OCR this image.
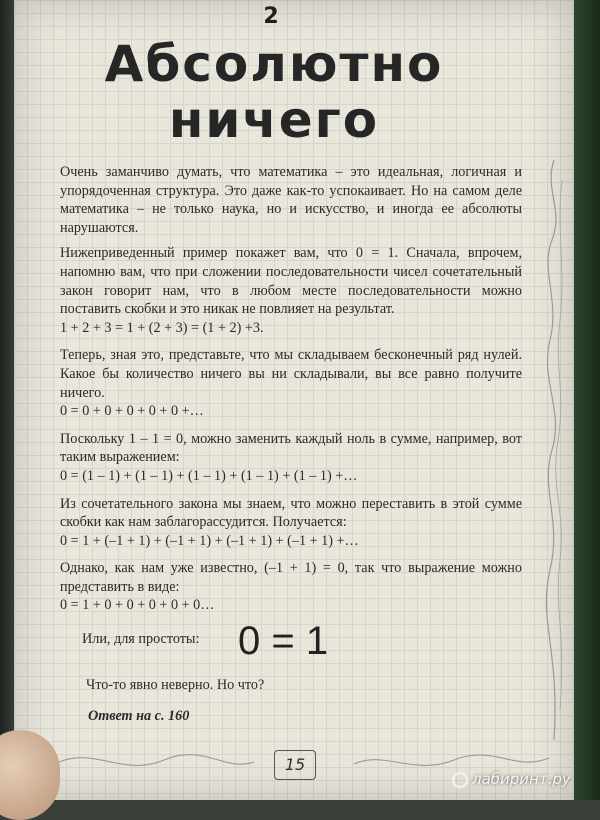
2
Абсолютно
ничего

Очень заманчиво думать, что математика – это идеальная, логичная и упорядоченная структура. Это даже как-то успокаивает. Но на самом деле математика – не только наука, но и искусство, и иногда ее абсолюты нарушаются.

Нижеприведенный пример покажет вам, что 0 = 1. Сначала, впрочем, напомню вам, что при сложении последовательности чисел сочетательный закон говорит нам, что в любом месте последовательности можно поставить скобки и это никак не повлияет на результат.

1 + 2 + 3 = 1 + (2 + 3) = (1 + 2) +3.

Теперь, зная это, представьте, что мы складываем бесконечный ряд нулей. Какое бы количество ничего вы ни складывали, вы все равно получите ничего.

0 = 0 + 0 + 0 + 0 + 0 +…

Поскольку 1 – 1 = 0, можно заменить каждый ноль в сумме, например, вот таким выражением:

0 = (1 – 1) + (1 – 1) + (1 – 1) + (1 – 1) + (1 – 1) +…

Из сочетательного закона мы знаем, что можно переставить в этой сумме скобки как нам заблагорассудится. Получается:

0 = 1 + (–1 + 1) + (–1 + 1) + (–1 + 1) + (–1 + 1) +…

Однако, как нам уже известно, (–1 + 1) = 0, так что выражение можно представить в виде:

0 = 1 + 0 + 0 + 0 + 0 + 0…
Или, для простоты: 0 = 1
Что-то явно неверно. Но что?
Ответ на с. 160
15
лабиринт.ру
